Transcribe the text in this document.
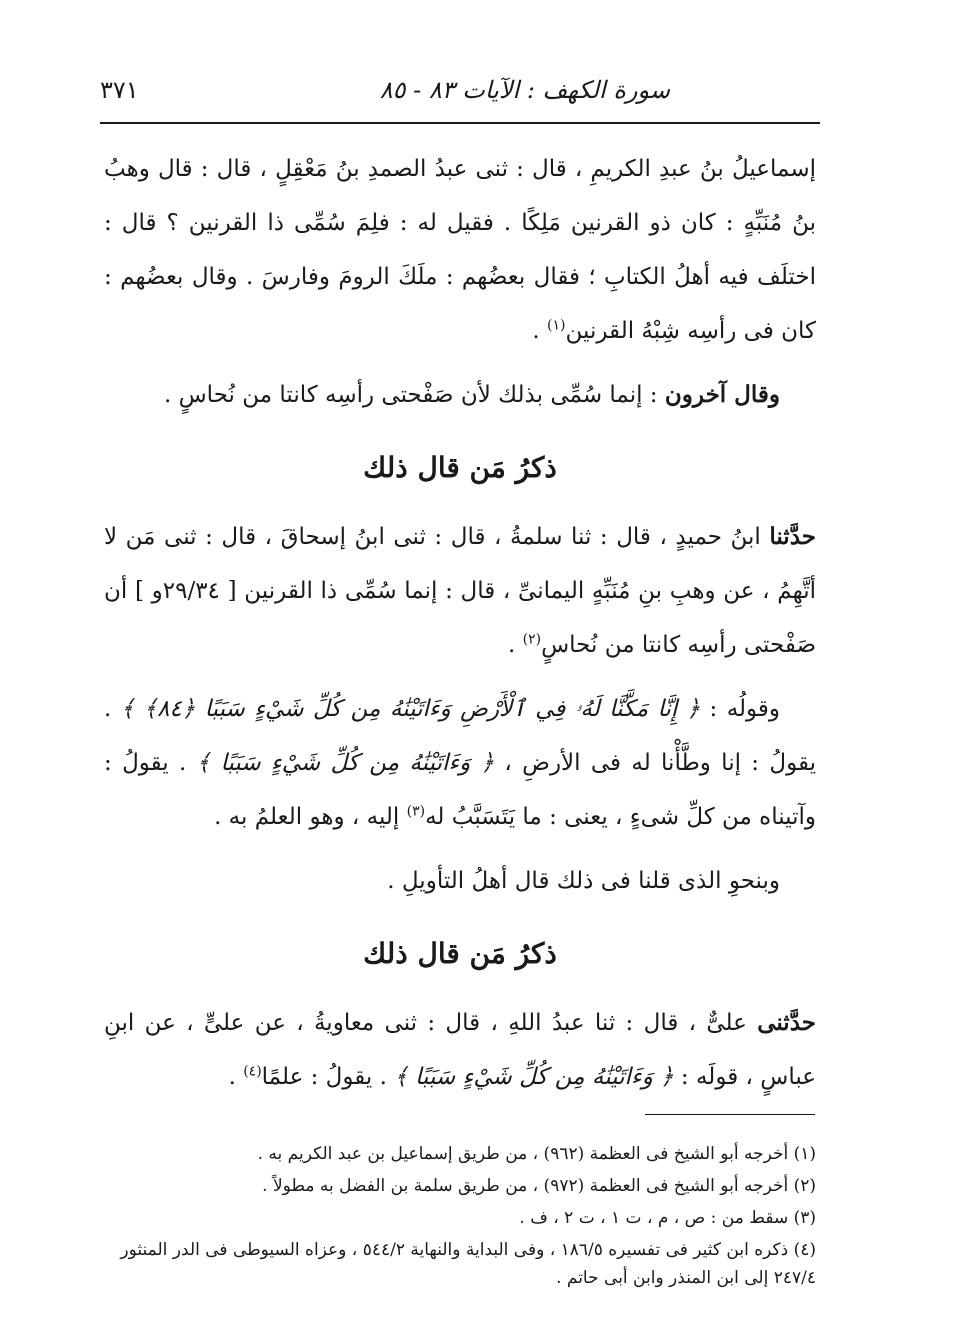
سورة الكهف : الآيات ٨٣ - ٨٥
٣٧١

إسماعيلُ بنُ عبدِ الكريمِ ، قال : ثنى عبدُ الصمدِ بنُ مَعْقِلٍ ، قال : قال وهبُ بنُ مُنَبِّهٍ : كان ذو القرنين مَلِكًا . فقيل له : فلِمَ سُمِّى ذا القرنين ؟ قال : اختلَف فيه أهلُ الكتابِ ؛ فقال بعضُهم : ملَكَ الرومَ وفارسَ . وقال بعضُهم : كان فى رأسِه شِبْهُ القرنين$^{(١)}$ .

وقال آخرون : إنما سُمِّى بذلك لأن صَفْحتى رأسِه كانتا من نُحاسٍ .

ذكرُ مَن قال ذلك

حدَّثنا ابنُ حميدٍ ، قال : ثنا سلمةُ ، قال : ثنى ابنُ إسحاقَ ، قال : ثنى مَن لا أتَّهِمُ ، عن وهبِ بنِ مُنَبِّهٍ اليمانىِّ ، قال : إنما سُمِّى ذا القرنين [ ٢٩/٣٤و ] أن صَفْحتى رأسِه كانتا من نُحاسٍ$^{(٢)}$ .

وقولُه : ﴿ إِنَّا مَكَّنَّا لَهُۥ فِي ٱلْأَرْضِ وَءَاتَيْنَٰهُ مِن كُلِّ شَيْءٍ سَبَبًا ﴿٨٤﴾ ﴾ . يقولُ : إنا وطَّأْنا له فى الأرضِ ، ﴿ وَءَاتَيْنَٰهُ مِن كُلِّ شَيْءٍ سَبَبًا ﴾ . يقولُ : وآتيناه من كلِّ شىءٍ ، يعنى : ما يَتَسَبَّبُ له$^{(٣)}$ إليه ، وهو العلمُ به .

وبنحوِ الذى قلنا فى ذلك قال أهلُ التأويلِ .

ذكرُ مَن قال ذلك

حدَّثنى علىٌّ ، قال : ثنا عبدُ اللهِ ، قال : ثنى معاويةُ ، عن علىٍّ ، عن ابنِ عباسٍ ، قولَه : ﴿ وَءَاتَيْنَٰهُ مِن كُلِّ شَيْءٍ سَبَبًا ﴾ . يقولُ : علمًا$^{(٤)}$ .

(١) أخرجه أبو الشيخ فى العظمة (٩٦٢) ، من طريق إسماعيل بن عبد الكريم به .

(٢) أخرجه أبو الشيخ فى العظمة (٩٧٢) ، من طريق سلمة بن الفضل به مطولاً .

(٣) سقط من : ص ، م ، ت ١ ، ت ٢ ، ف .

(٤) ذكره ابن كثير فى تفسيره ١٨٦/٥ ، وفى البداية والنهاية ٥٤٤/٢ ، وعزاه السيوطى فى الدر المنثور ٢٤٧/٤ إلى ابن المنذر وابن أبى حاتم .
